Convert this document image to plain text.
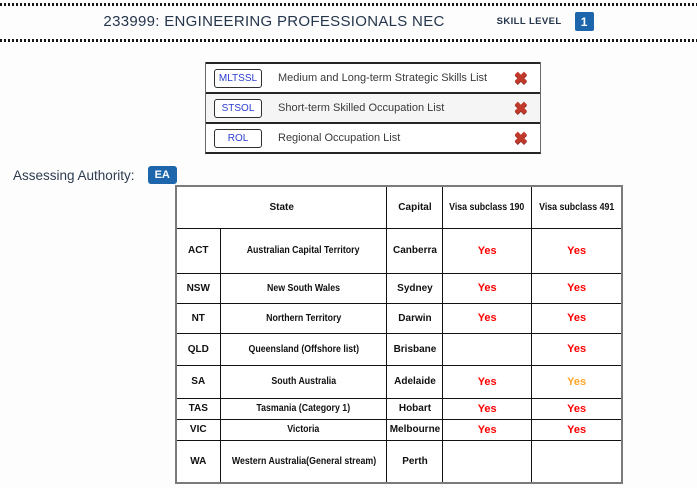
233999: ENGINEERING PROFESSIONALS NEC	SKILL LEVEL	1
MLTSSL	Medium and Long-term Strategic Skills List ✖
STSOL	Short-term Skilled Occupation List	✖
ROL	Regional Occupation List	✖
Assessing Authority:	EA
State		Capital	Visa subclass 190	Visa subclass 491
ACT	Australian Capital Territory	Canberra	Yes	Yes
NSW	New South Wales	Sydney	Yes	Yes
NT	Northern Territory	Darwin	Yes	Yes
QLD	Queensland (Offshore list)	Brisbane		Yes
SA	South Australia	Adelaide	Yes	Yes
TAS	Tasmania (Category 1)	Hobart	Yes	Yes
VIC	Victoria	Melbourne	Yes	Yes
WA	Western Australia(General stream)	Perth		
